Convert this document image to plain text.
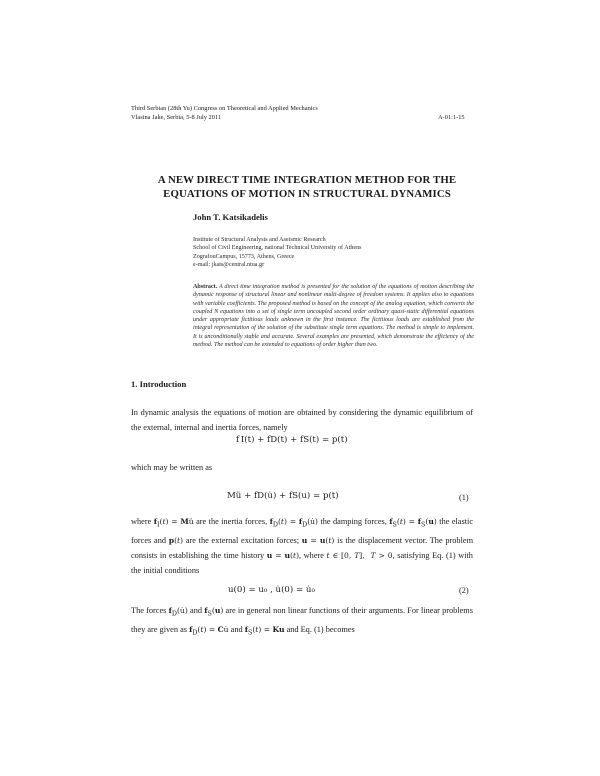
Third Serbian (28th Yu) Congress on Theoretical and Applied Mechanics
Vlasina Jake, Serbia, 5-8 July 2011	A-01:1-15
A NEW DIRECT TIME INTEGRATION METHOD FOR THE
EQUATIONS OF MOTION IN STRUCTURAL DYNAMICS
John T. Katsikadelis
Institute of Structural Analysis and Aseismic Research
School of Civil Engineering, national Technical University of Athens
ZografouCampus, 15773, Athens, Greece
e-mail: jkats@central.ntua.gr
Abstract. A direct time integration method is presented for the solution of the equations of motion describing the dynamic response of structural linear and nonlinear multi-degree of freedom systems. It applies also to equations with variable coefficients. The proposed method is based on the concept of the analog equation, which converts the coupled N equations into a set of single term uncoupled second order ordinary quasi-static differential equations under appropriate fictitious loads unknown in the first instance. The fictitious loads are established from the integral representation of the solution of the substitute single term equations. The method is simple to implement. It is unconditionally stable and accurate. Several examples are presented, which demonstrate the efficiency of the method. The method can be extended to equations of order higher than two.
1. Introduction
In dynamic analysis the equations of motion are obtained by considering the dynamic equilibrium of the external, internal and inertia forces, namely
f I(t) + fD(t) + fS(t) = p(t)
which may be written as
Mü + fD(u̇) + fS(u) = p(t)	(1)
where $f_I(t)$ = Mü are the inertia forces, $f_D(t)$ = $f_D(u̇)$ the damping forces, $f_S(t) = f_S(u)$ the elastic forces and p(t) are the external excitation forces; u = u(t) is the displacement vector. The problem consists in establishing the time history u = u(t), where t ∈ [0, T],  T > 0, satisfying Eq. (1) with the initial conditions
u(0) = u₀ , u̇(0) = u̇₀	(2)
The forces $f_D(u̇)$ and $f_S(u)$ are in general non linear functions of their arguments. For linear problems they are given as $f_D(t)$ = Cu̇ and $f_S(t) = Ku$ and Eq. (1) becomes
